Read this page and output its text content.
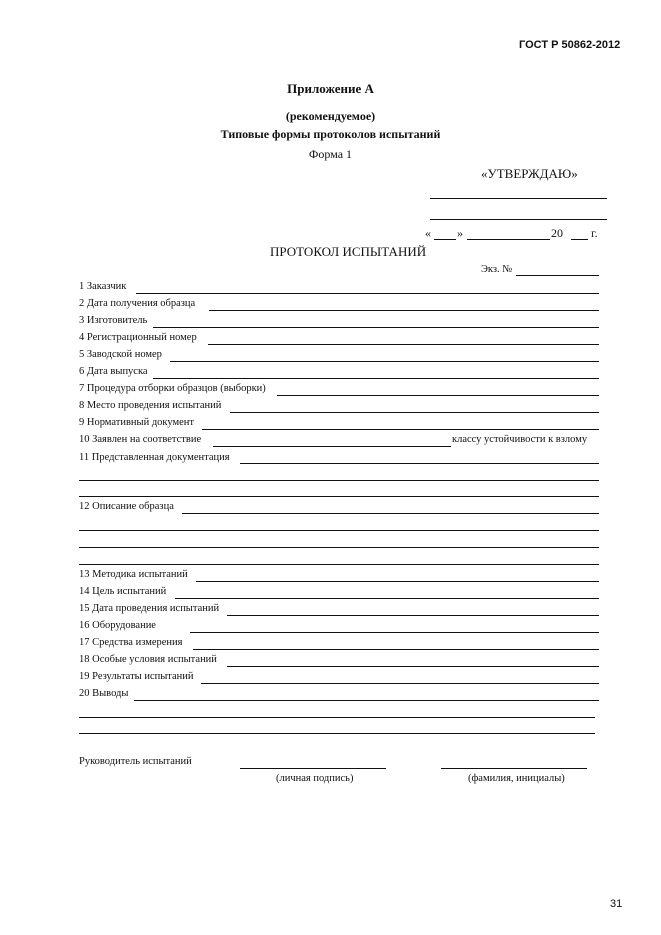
ГОСТ Р 50862-2012
Приложение А
(рекомендуемое)
Типовые формы протоколов испытаний
Форма 1
«УТВЕРЖДАЮ»
« »	20 г.
ПРОТОКОЛ ИСПЫТАНИЙ
Экз. №
1 Заказчик
2 Дата получения образца
3 Изготовитель
4 Регистрационный номер
5 Заводской номер
6 Дата выпуска
7 Процедура отборки образцов (выборки)
8 Место проведения испытаний
9 Нормативный документ
10 Заявлен на соответствие	классу устойчивости к взлому
11 Представленная документация
12 Описание образца
13 Методика испытаний
14 Цель испытаний
15 Дата проведения испытаний
16 Оборудование
17 Средства измерения
18 Особые условия испытаний
19 Результаты испытаний
20 Выводы
Руководитель испытаний
(личная подпись)	(фамилия, инициалы)
31
